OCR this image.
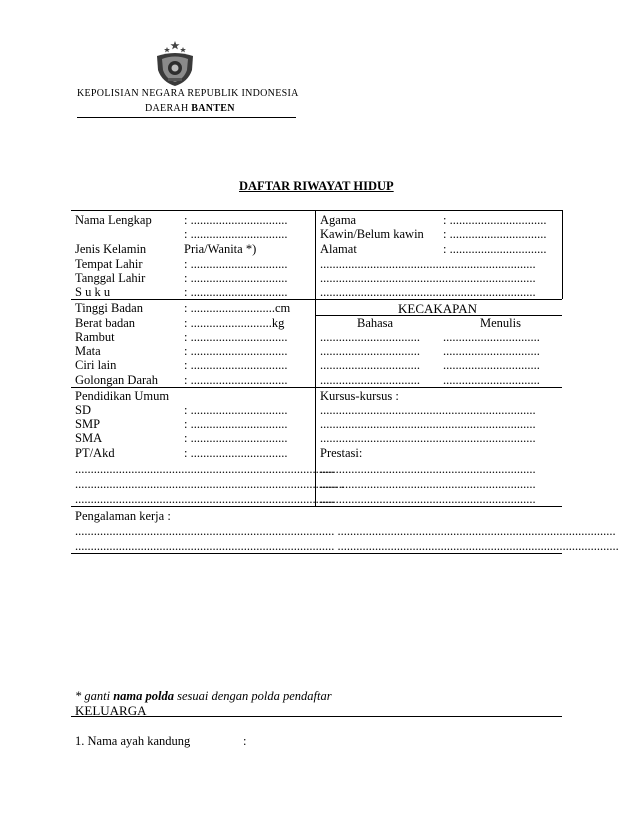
KEPOLISIAN NEGARA REPUBLIK INDONESIA
DAERAH BANTEN
DAFTAR RIWAYAT HIDUP
Nama Lengkap	: ...............................
: ...............................
Jenis Kelamin	Pria/Wanita *)
Tempat Lahir	: ...............................
Tanggal Lahir	: ...............................
S u k u	: ...............................
Tinggi Badan	: ...........................cm
Berat badan	: ..........................kg
Rambut	: ...............................
Mata	: ...............................
Ciri lain	: ...............................
Golongan Darah : ...............................
Agama	: ...............................
Kawin/Belum kawin : ...............................
Alamat	: ...............................
.....................................................................
.....................................................................
.....................................................................
KECAKAPAN
Bahasa	Menulis
................................ ...............................
................................ ...............................
................................ ...............................
................................ ...............................
Pendidikan Umum
SD	: ...............................
SMP	: ...............................
SMA	: ...............................
PT/Akd	: ...............................
...................................................................................
.................................................................................... .
...................................................................................
Kursus-kursus :
.....................................................................
.....................................................................
.....................................................................
Prestasi:
.....................................................................
.....................................................................
.....................................................................
Pengalaman kerja :
................................................................................... .........................................................................................
................................................................................... ..........................................................................................
* ganti nama polda sesuai dengan polda pendaftar
KELUARGA
1. Nama ayah kandung	:
